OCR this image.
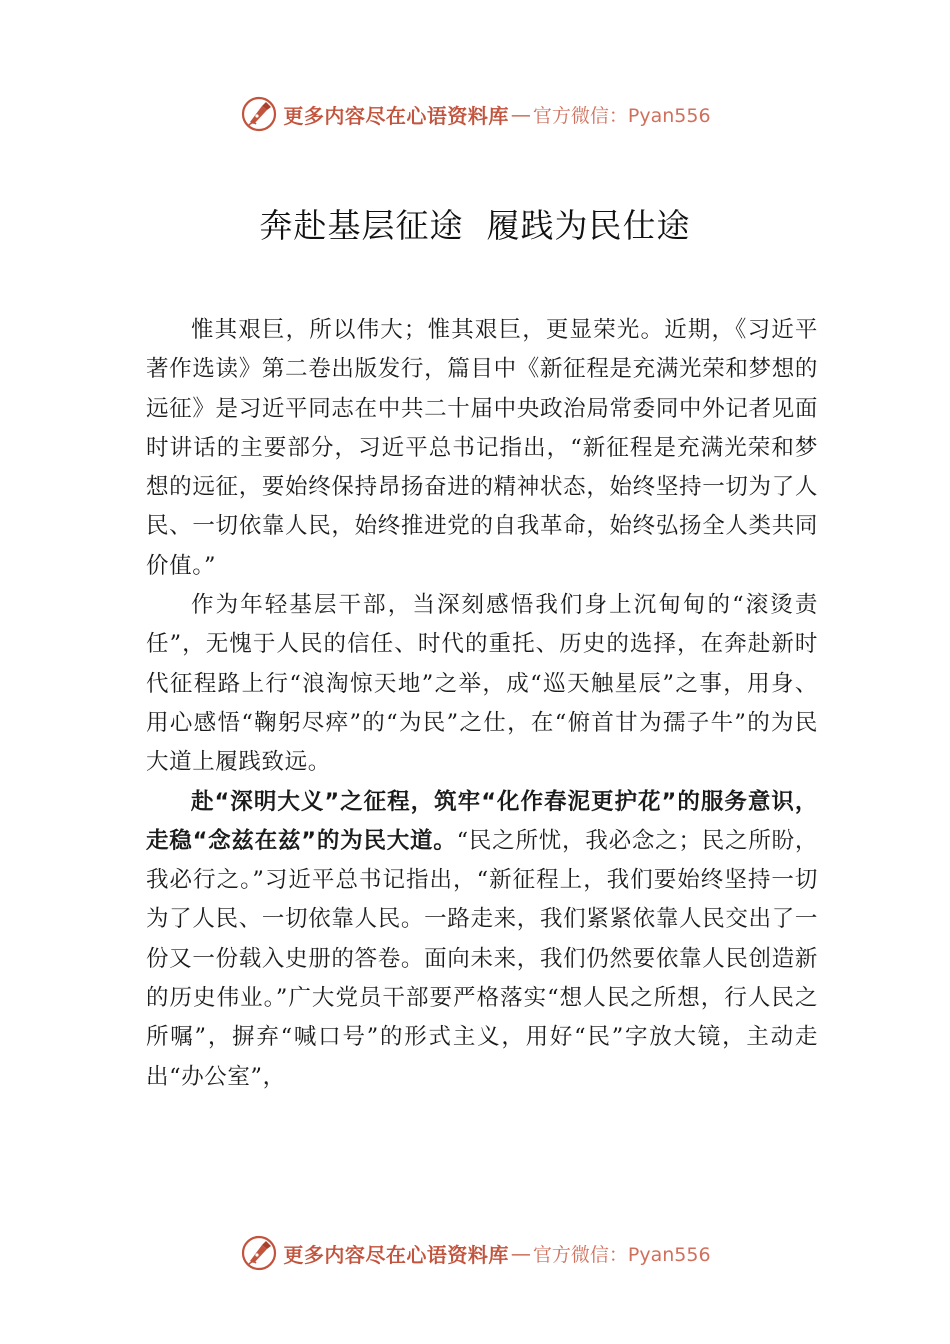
更多内容尽在心语资料库 — 官方微信：Pyan556
奔赴基层征途  履践为民仕途

惟其艰巨，所以伟大；惟其艰巨，更显荣光。近期，《习近平著作选读》第二卷出版发行，篇目中《新征程是充满光荣和梦想的远征》是习近平同志在中共二十届中央政治局常委同中外记者见面时讲话的主要部分，习近平总书记指出，“新征程是充满光荣和梦想的远征，要始终保持昂扬奋进的精神状态，始终坚持一切为了人民、一切依靠人民，始终推进党的自我革命，始终弘扬全人类共同价值。”

作为年轻基层干部，当深刻感悟我们身上沉甸甸的“滚烫责任”，无愧于人民的信任、时代的重托、历史的选择，在奔赴新时代征程路上行“浪淘惊天地”之举，成“巡天触星辰”之事，用身、用心感悟“鞠躬尽瘁”的“为民”之仕，在“俯首甘为孺子牛”的为民大道上履践致远。

赴“深明大义”之征程，筑牢“化作春泥更护花”的服务意识，走稳“念兹在兹”的为民大道。“民之所忧，我必念之；民之所盼，我必行之。”习近平总书记指出，“新征程上，我们要始终坚持一切为了人民、一切依靠人民。一路走来，我们紧紧依靠人民交出了一份又一份载入史册的答卷。面向未来，我们仍然要依靠人民创造新的历史伟业。”广大党员干部要严格落实“想人民之所想，行人民之所嘱”，摒弃“喊口号”的形式主义，用好“民”字放大镜，主动走出“办公室”，

更多内容尽在心语资料库 — 官方微信：Pyan556
